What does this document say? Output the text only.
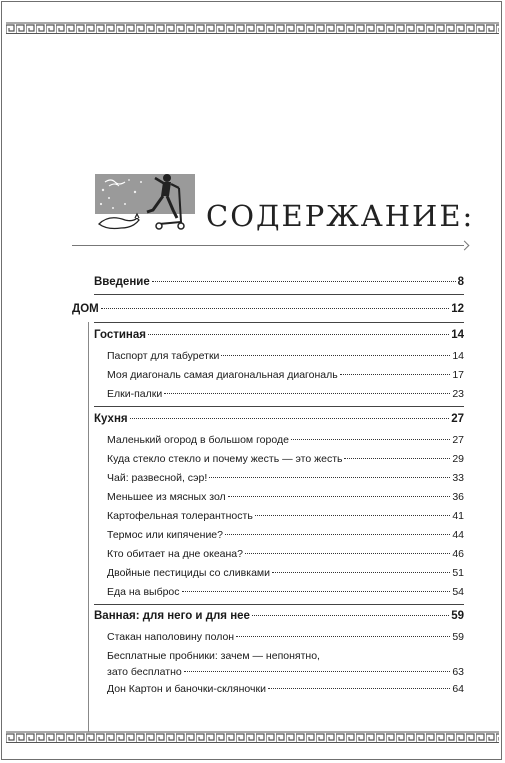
СОДЕРЖАНИЕ:
Введение	8
ДОМ	12
Гостиная	14
Паспорт для табуретки	14
Моя диагональ самая диагональная диагональ	17
Елки-палки	23
Кухня	27
Маленький огород в большом городе	27
Куда стекло стекло и почему жесть — это жесть	29
Чай: развесной, сэр!	33
Меньшее из мясных зол	36
Картофельная толерантность	41
Термос или кипячение?	44
Кто обитает на дне океана?	46
Двойные пестициды со сливками	51
Еда на выброс	54
Ванная: для него и для нее	59
Стакан наполовину полон	59
Бесплатные пробники: зачем — непонятно,
зато бесплатно	63
Дон Картон и баночки-скляночки	64
